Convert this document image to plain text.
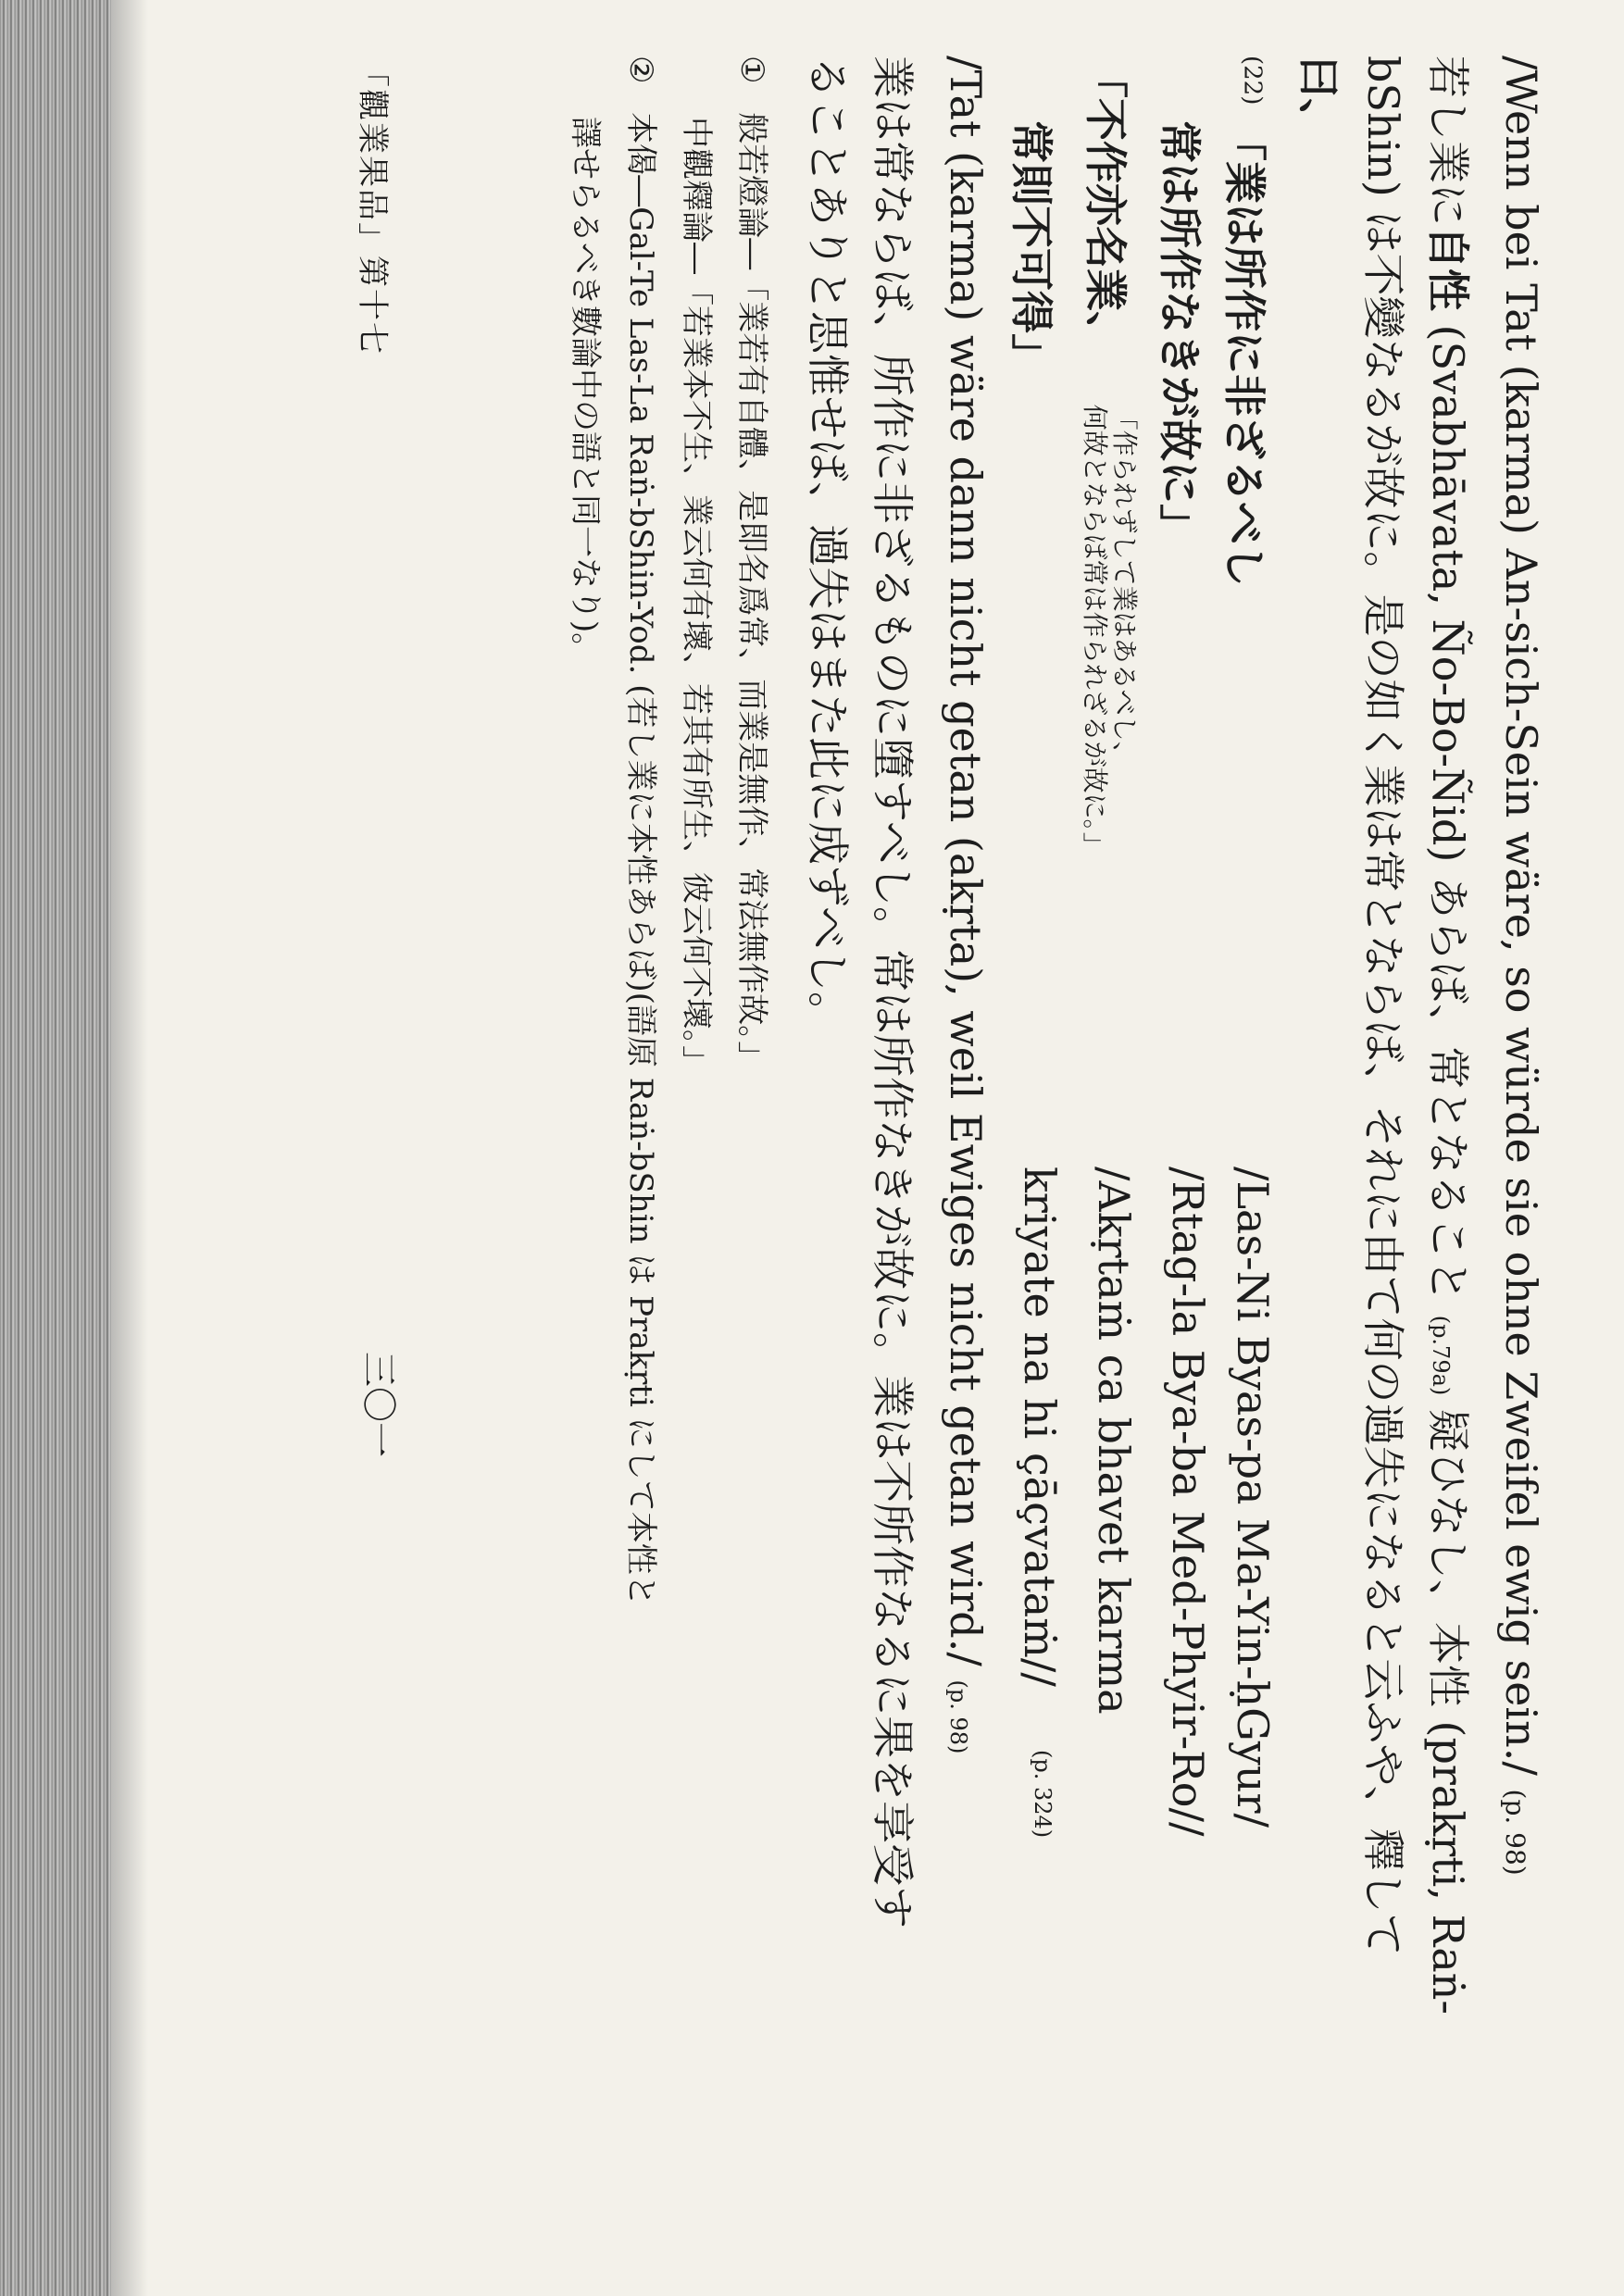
/Wenn bei Tat (karma) An-sich-Sein wäre, so würde sie ohne Zweifel ewig sein./ (p. 98)
若し業に自性 (Svabhāvata, Ño-Bo-Ñid) あらば、常となること (p.79a) 疑ひなし、本性 (prakṛti, Raṅ-
bShin) は不變なるが故に。是の如く業は常とならば、それに由て何の過失になると云ふや、釋して
曰、
$^{(22)}$ 「業は所作に非ざるべし
/Las-Ni Byas-pa Ma-Yin-ḥGyur/
常は所作なきが故に」
/Rtag-la Bya-ba Med-Phyir-Ro//
「不作亦名業、 「作られずして業はあるべし、
何故とならば常は作られざるが故に。」
/Akṛtaṁ ca bhavet karma
常則不可得」
kriyate na hi çāçvataṁ//
(p. 324)
/Tat (karma) wäre dann nicht getan (akṛta), weil Ewiges nicht getan wird./ (p. 98)
業は常ならば、所作に非ざるものに墮すべし。常は所作なきが故に。業は不所作なるに果を享受す
ることありと思惟せば、過失はまた此に成ずべし。
① 般若燈論―「業若有自體、是即名爲常、而業是無作、常法無作故。」
中觀釋論―「若業本不生、業云何有壞、若其有所生、彼云何不壞。」
② 本偈―Gal-Te Las-La Raṅ-bShin-Yod. (若し業に本性あらば)(語原 Raṅ-bShin は Prakṛti にして本性と
譯せらるべき數論中の語と同一なり)。
「觀業果品」第十七
三〇一
